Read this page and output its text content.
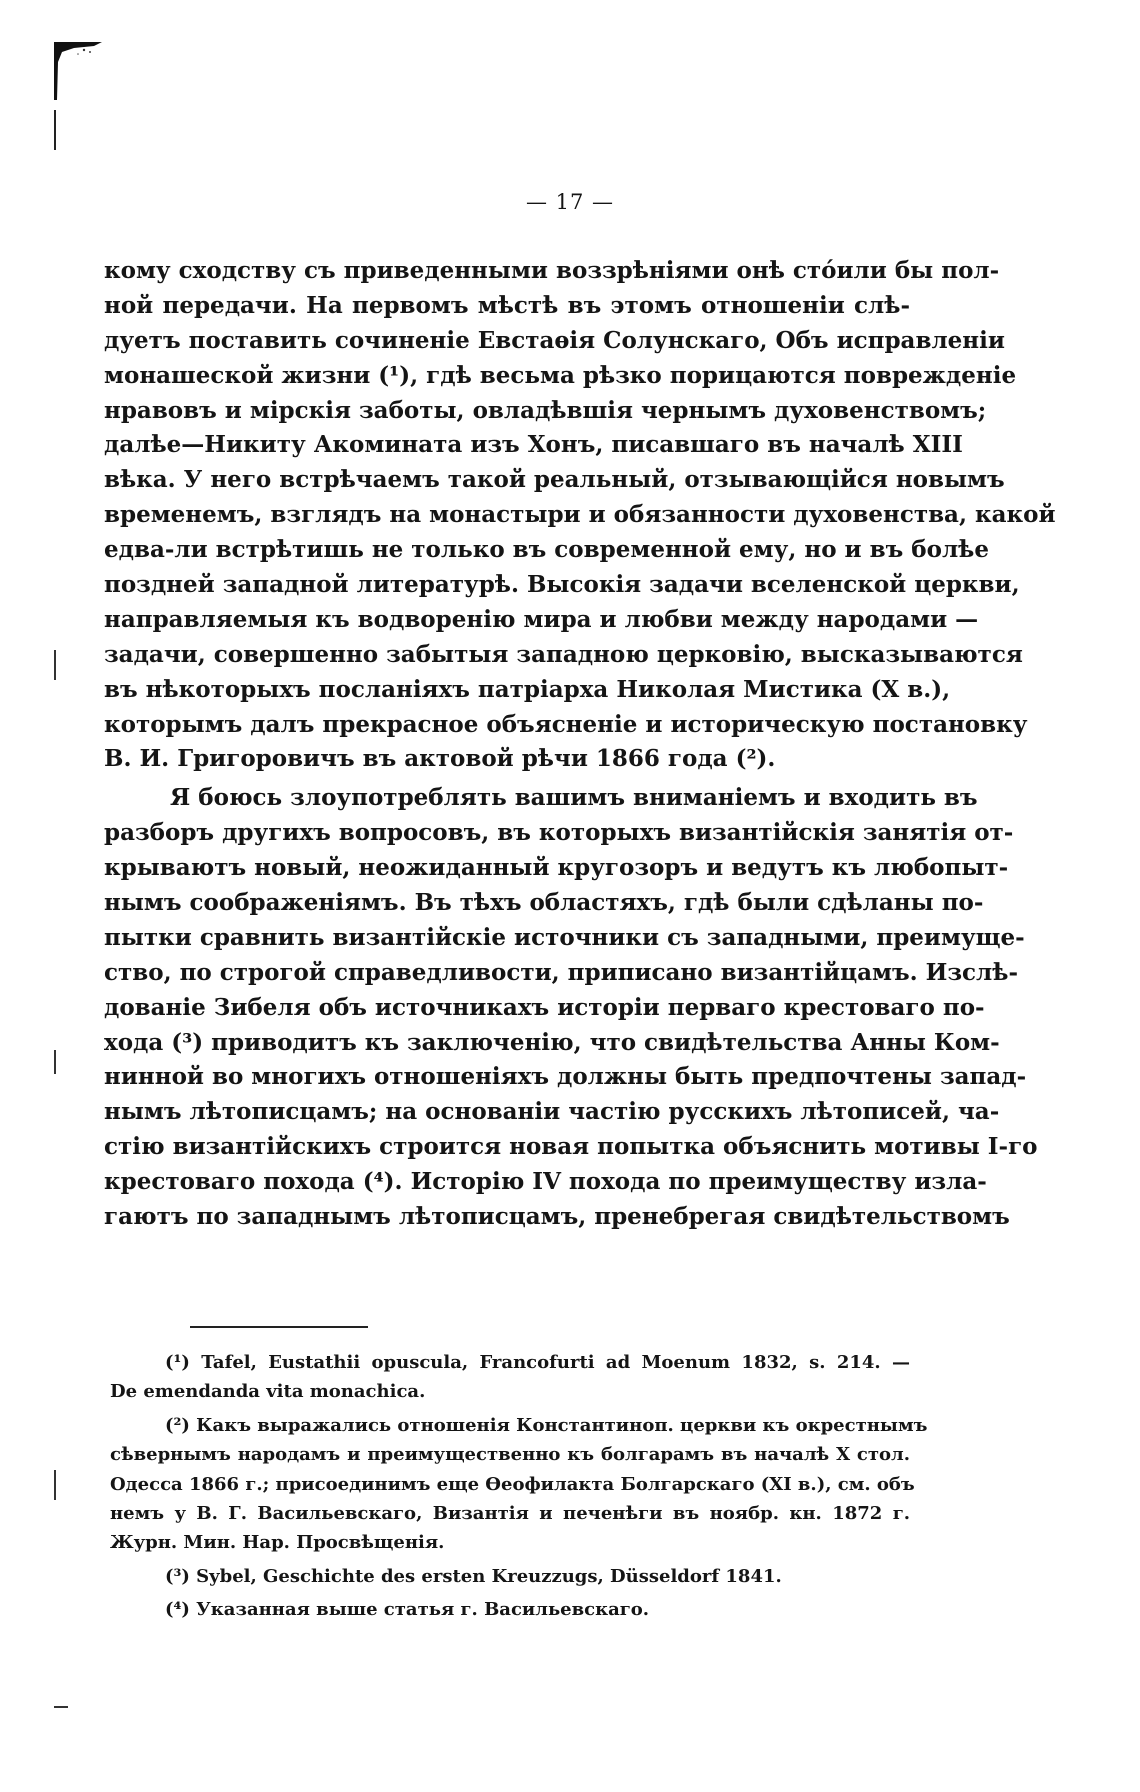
— 17 —
кому сходству съ приведенными воззрѣніями онѣ стóили бы пол-
ной передачи. На первомъ мѣстѣ въ этомъ отношеніи слѣ-
дуетъ поставить сочиненіе Евстаѳія Солунскаго, Объ исправленіи
монашеской жизни (¹), гдѣ весьма рѣзко порицаются поврежденіе
нравовъ и мірскія заботы, овладѣвшія чернымъ духовенствомъ;
далѣе—Никиту Акомината изъ Хонъ, писавшаго въ началѣ XIII
вѣка. У него встрѣчаемъ такой реальный, отзывающійся новымъ
временемъ, взглядъ на монастыри и обязанности духовенства, какой
едва-ли встрѣтишь не только въ современной ему, но и въ болѣе
поздней западной литературѣ. Высокія задачи вселенской церкви,
направляемыя къ водворенію мира и любви между народами —
задачи, совершенно забытыя западною церковію, высказываются
въ нѣкоторыхъ посланіяхъ патріарха Николая Мистика (X в.),
которымъ далъ прекрасное объясненіе и историческую постановку
В. И. Григоровичъ въ актовой рѣчи 1866 года (²).
Я боюсь злоупотреблять вашимъ вниманіемъ и входить въ
разборъ другихъ вопросовъ, въ которыхъ византійскія занятія от-
крываютъ новый, неожиданный кругозоръ и ведутъ къ любопыт-
нымъ соображеніямъ. Въ тѣхъ областяхъ, гдѣ были сдѣланы по-
пытки сравнить византійскіе источники съ западными, преимуще-
ство, по строгой справедливости, приписано византійцамъ. Изслѣ-
дованіе Зибеля объ источникахъ исторіи перваго крестоваго по-
хода (³) приводитъ къ заключенію, что свидѣтельства Анны Ком-
нинной во многихъ отношеніяхъ должны быть предпочтены запад-
нымъ лѣтописцамъ; на основаніи частію русскихъ лѣтописей, ча-
стію византійскихъ строится новая попытка объяснить мотивы I-го
крестоваго похода (⁴). Исторію IV похода по преимуществу изла-
гаютъ по западнымъ лѣтописцамъ, пренебрегая свидѣтельствомъ
(¹) Tafel, Eustathii opuscula, Francofurti ad Moenum 1832, s. 214. —
De emendanda vita monachica.
(²) Какъ выражались отношенія Константиноп. церкви къ окрестнымъ
сѣвернымъ народамъ и преимущественно къ болгарамъ въ началѣ X стол.
Одесса 1866 г.; присоединимъ еще Ѳеофилакта Болгарскаго (XI в.), см. объ
немъ у В. Г. Васильевскаго, Византія и печенѣги въ ноябр. кн. 1872 г.
Журн. Мин. Нар. Просвѣщенія.
(³) Sybel, Geschichte des ersten Kreuzzugs, Düsseldorf 1841.
(⁴) Указанная выше статья г. Васильевскаго.
